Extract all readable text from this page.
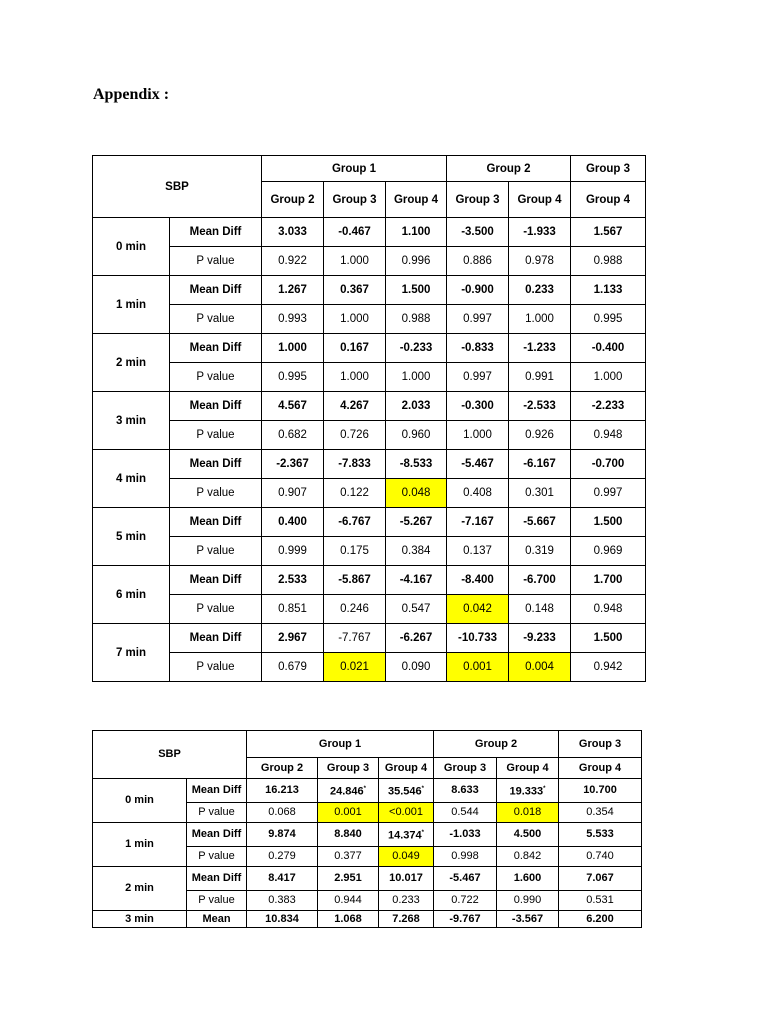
Appendix :
SBP		Group 1			Group 2		Group 3
		Group 2	Group 3	Group 4	Group 3	Group 4	Group 4
0 min	Mean Diff	3.033	-0.467	1.100	-3.500	-1.933	1.567
	P value	0.922	1.000	0.996	0.886	0.978	0.988
1 min	Mean Diff	1.267	0.367	1.500	-0.900	0.233	1.133
	P value	0.993	1.000	0.988	0.997	1.000	0.995
2 min	Mean Diff	1.000	0.167	-0.233	-0.833	-1.233	-0.400
	P value	0.995	1.000	1.000	0.997	0.991	1.000
3 min	Mean Diff	4.567	4.267	2.033	-0.300	-2.533	-2.233
	P value	0.682	0.726	0.960	1.000	0.926	0.948
4 min	Mean Diff	-2.367	-7.833	-8.533	-5.467	-6.167	-0.700
	P value	0.907	0.122	0.048	0.408	0.301	0.997
5 min	Mean Diff	0.400	-6.767	-5.267	-7.167	-5.667	1.500
	P value	0.999	0.175	0.384	0.137	0.319	0.969
6 min	Mean Diff	2.533	-5.867	-4.167	-8.400	-6.700	1.700
	P value	0.851	0.246	0.547	0.042	0.148	0.948
7 min	Mean Diff	2.967	-7.767	-6.267	-10.733	-9.233	1.500
	P value	0.679	0.021	0.090	0.001	0.004	0.942
SBP		Group 1			Group 2		Group 3
		Group 2	Group 3	Group 4	Group 3	Group 4	Group 4
0 min	Mean Diff	16.213	24.846*	35.546*	8.633	19.333*	10.700
	P value	0.068	0.001	<0.001	0.544	0.018	0.354
1 min	Mean Diff	9.874	8.840	14.374*	-1.033	4.500	5.533
	P value	0.279	0.377	0.049	0.998	0.842	0.740
2 min	Mean Diff	8.417	2.951	10.017	-5.467	1.600	7.067
	P value	0.383	0.944	0.233	0.722	0.990	0.531
3 min	Mean	10.834	1.068	7.268	-9.767	-3.567	6.200
